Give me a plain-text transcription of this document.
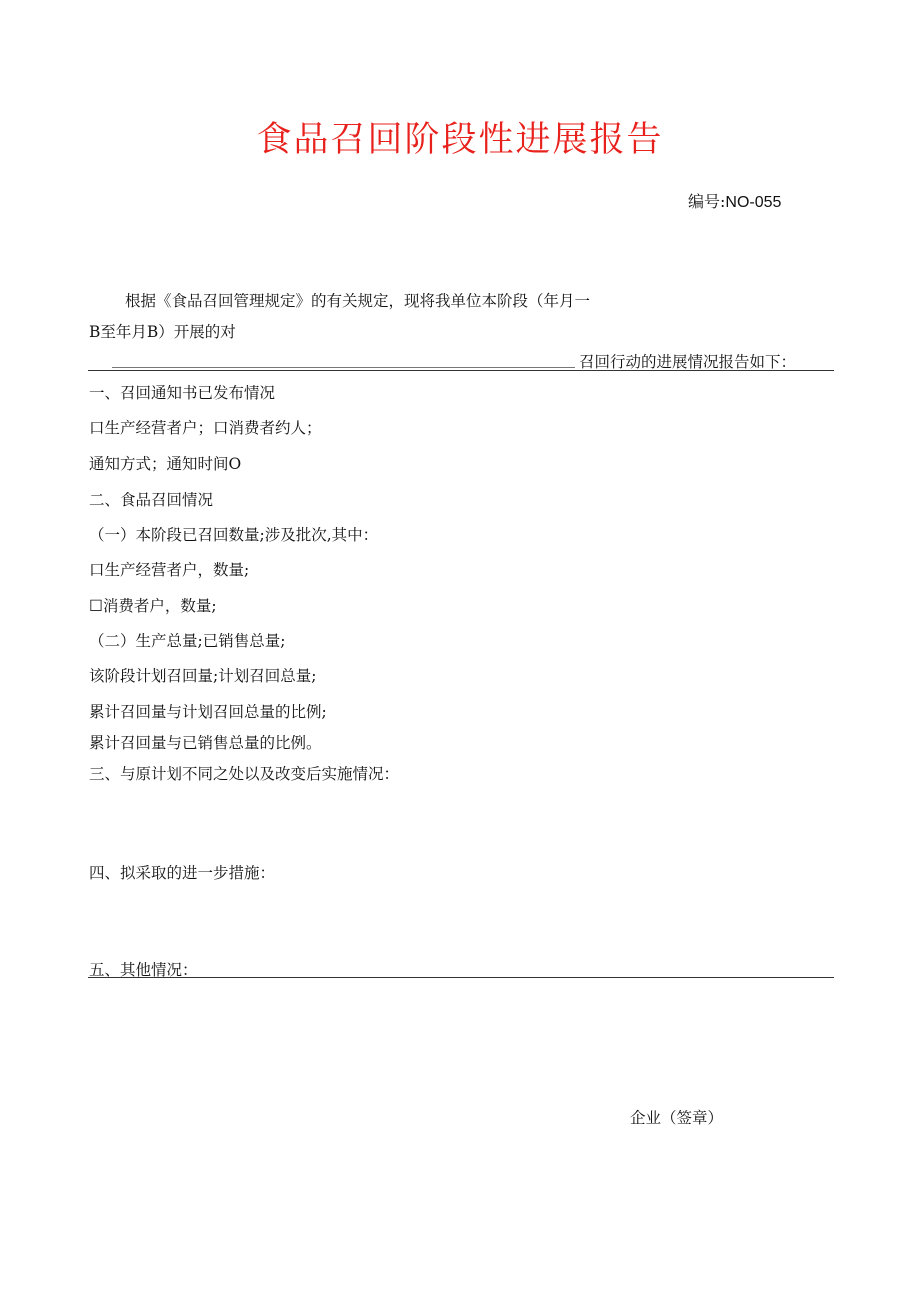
食品召回阶段性进展报告
编号:NO-055
根据《食品召回管理规定》的有关规定，现将我单位本阶段（年月一
B至年月B）开展的对
召回行动的进展情况报告如下：
一、召回通知书已发布情况
口生产经营者户；口消费者约人；
通知方式；通知时间O
二、食品召回情况
（一）本阶段已召回数量;涉及批次,其中：
口生产经营者户，数量;
☐消费者户，数量;
（二）生产总量;已销售总量;
该阶段计划召回量;计划召回总量;
累计召回量与计划召回总量的比例;
累计召回量与已销售总量的比例。
三、与原计划不同之处以及改变后实施情况：
四、拟采取的进一步措施：
五、其他情况：
企业（签章）
